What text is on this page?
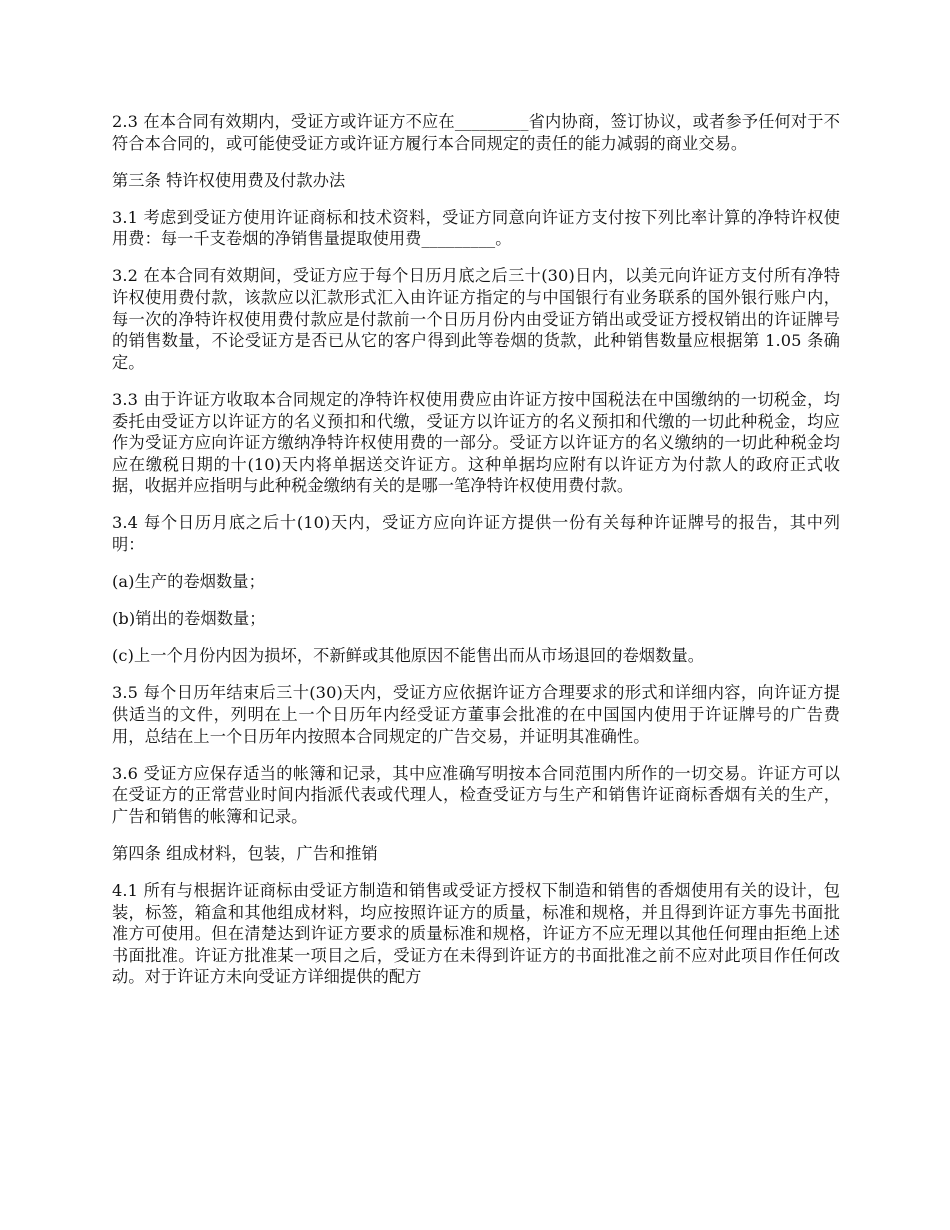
2.3 在本合同有效期内，受证方或许证方不应在_________省内协商，签订协议，或者参予任何对于不符合本合同的，或可能使受证方或许证方履行本合同规定的责任的能力减弱的商业交易。

第三条 特许权使用费及付款办法

3.1 考虑到受证方使用许证商标和技术资料，受证方同意向许证方支付按下列比率计算的净特许权使用费：每一千支卷烟的净销售量提取使用费_________。

3.2 在本合同有效期间，受证方应于每个日历月底之后三十(30)日内，以美元向许证方支付所有净特许权使用费付款，该款应以汇款形式汇入由许证方指定的与中国银行有业务联系的国外银行账户内，每一次的净特许权使用费付款应是付款前一个日历月份内由受证方销出或受证方授权销出的许证牌号的销售数量，不论受证方是否已从它的客户得到此等卷烟的货款，此种销售数量应根据第 1.05 条确定。

3.3 由于许证方收取本合同规定的净特许权使用费应由许证方按中国税法在中国缴纳的一切税金，均委托由受证方以许证方的名义预扣和代缴，受证方以许证方的名义预扣和代缴的一切此种税金，均应作为受证方应向许证方缴纳净特许权使用费的一部分。受证方以许证方的名义缴纳的一切此种税金均应在缴税日期的十(10)天内将单据送交许证方。这种单据均应附有以许证方为付款人的政府正式收据，收据并应指明与此种税金缴纳有关的是哪一笔净特许权使用费付款。

3.4 每个日历月底之后十(10)天内，受证方应向许证方提供一份有关每种许证牌号的报告，其中列明：

(a)生产的卷烟数量；

(b)销出的卷烟数量；

(c)上一个月份内因为损坏，不新鲜或其他原因不能售出而从市场退回的卷烟数量。

3.5 每个日历年结束后三十(30)天内，受证方应依据许证方合理要求的形式和详细内容，向许证方提供适当的文件，列明在上一个日历年内经受证方董事会批准的在中国国内使用于许证牌号的广告费用，总结在上一个日历年内按照本合同规定的广告交易，并证明其准确性。

3.6 受证方应保存适当的帐簿和记录，其中应准确写明按本合同范围内所作的一切交易。许证方可以在受证方的正常营业时间内指派代表或代理人，检查受证方与生产和销售许证商标香烟有关的生产，广告和销售的帐簿和记录。

第四条 组成材料，包装，广告和推销

4.1 所有与根据许证商标由受证方制造和销售或受证方授权下制造和销售的香烟使用有关的设计，包装，标签，箱盒和其他组成材料，均应按照许证方的质量，标准和规格，并且得到许证方事先书面批准方可使用。但在清楚达到许证方要求的质量标准和规格，许证方不应无理以其他任何理由拒绝上述书面批准。许证方批准某一项目之后，受证方在未得到许证方的书面批准之前不应对此项目作任何改动。对于许证方未向受证方详细提供的配方
